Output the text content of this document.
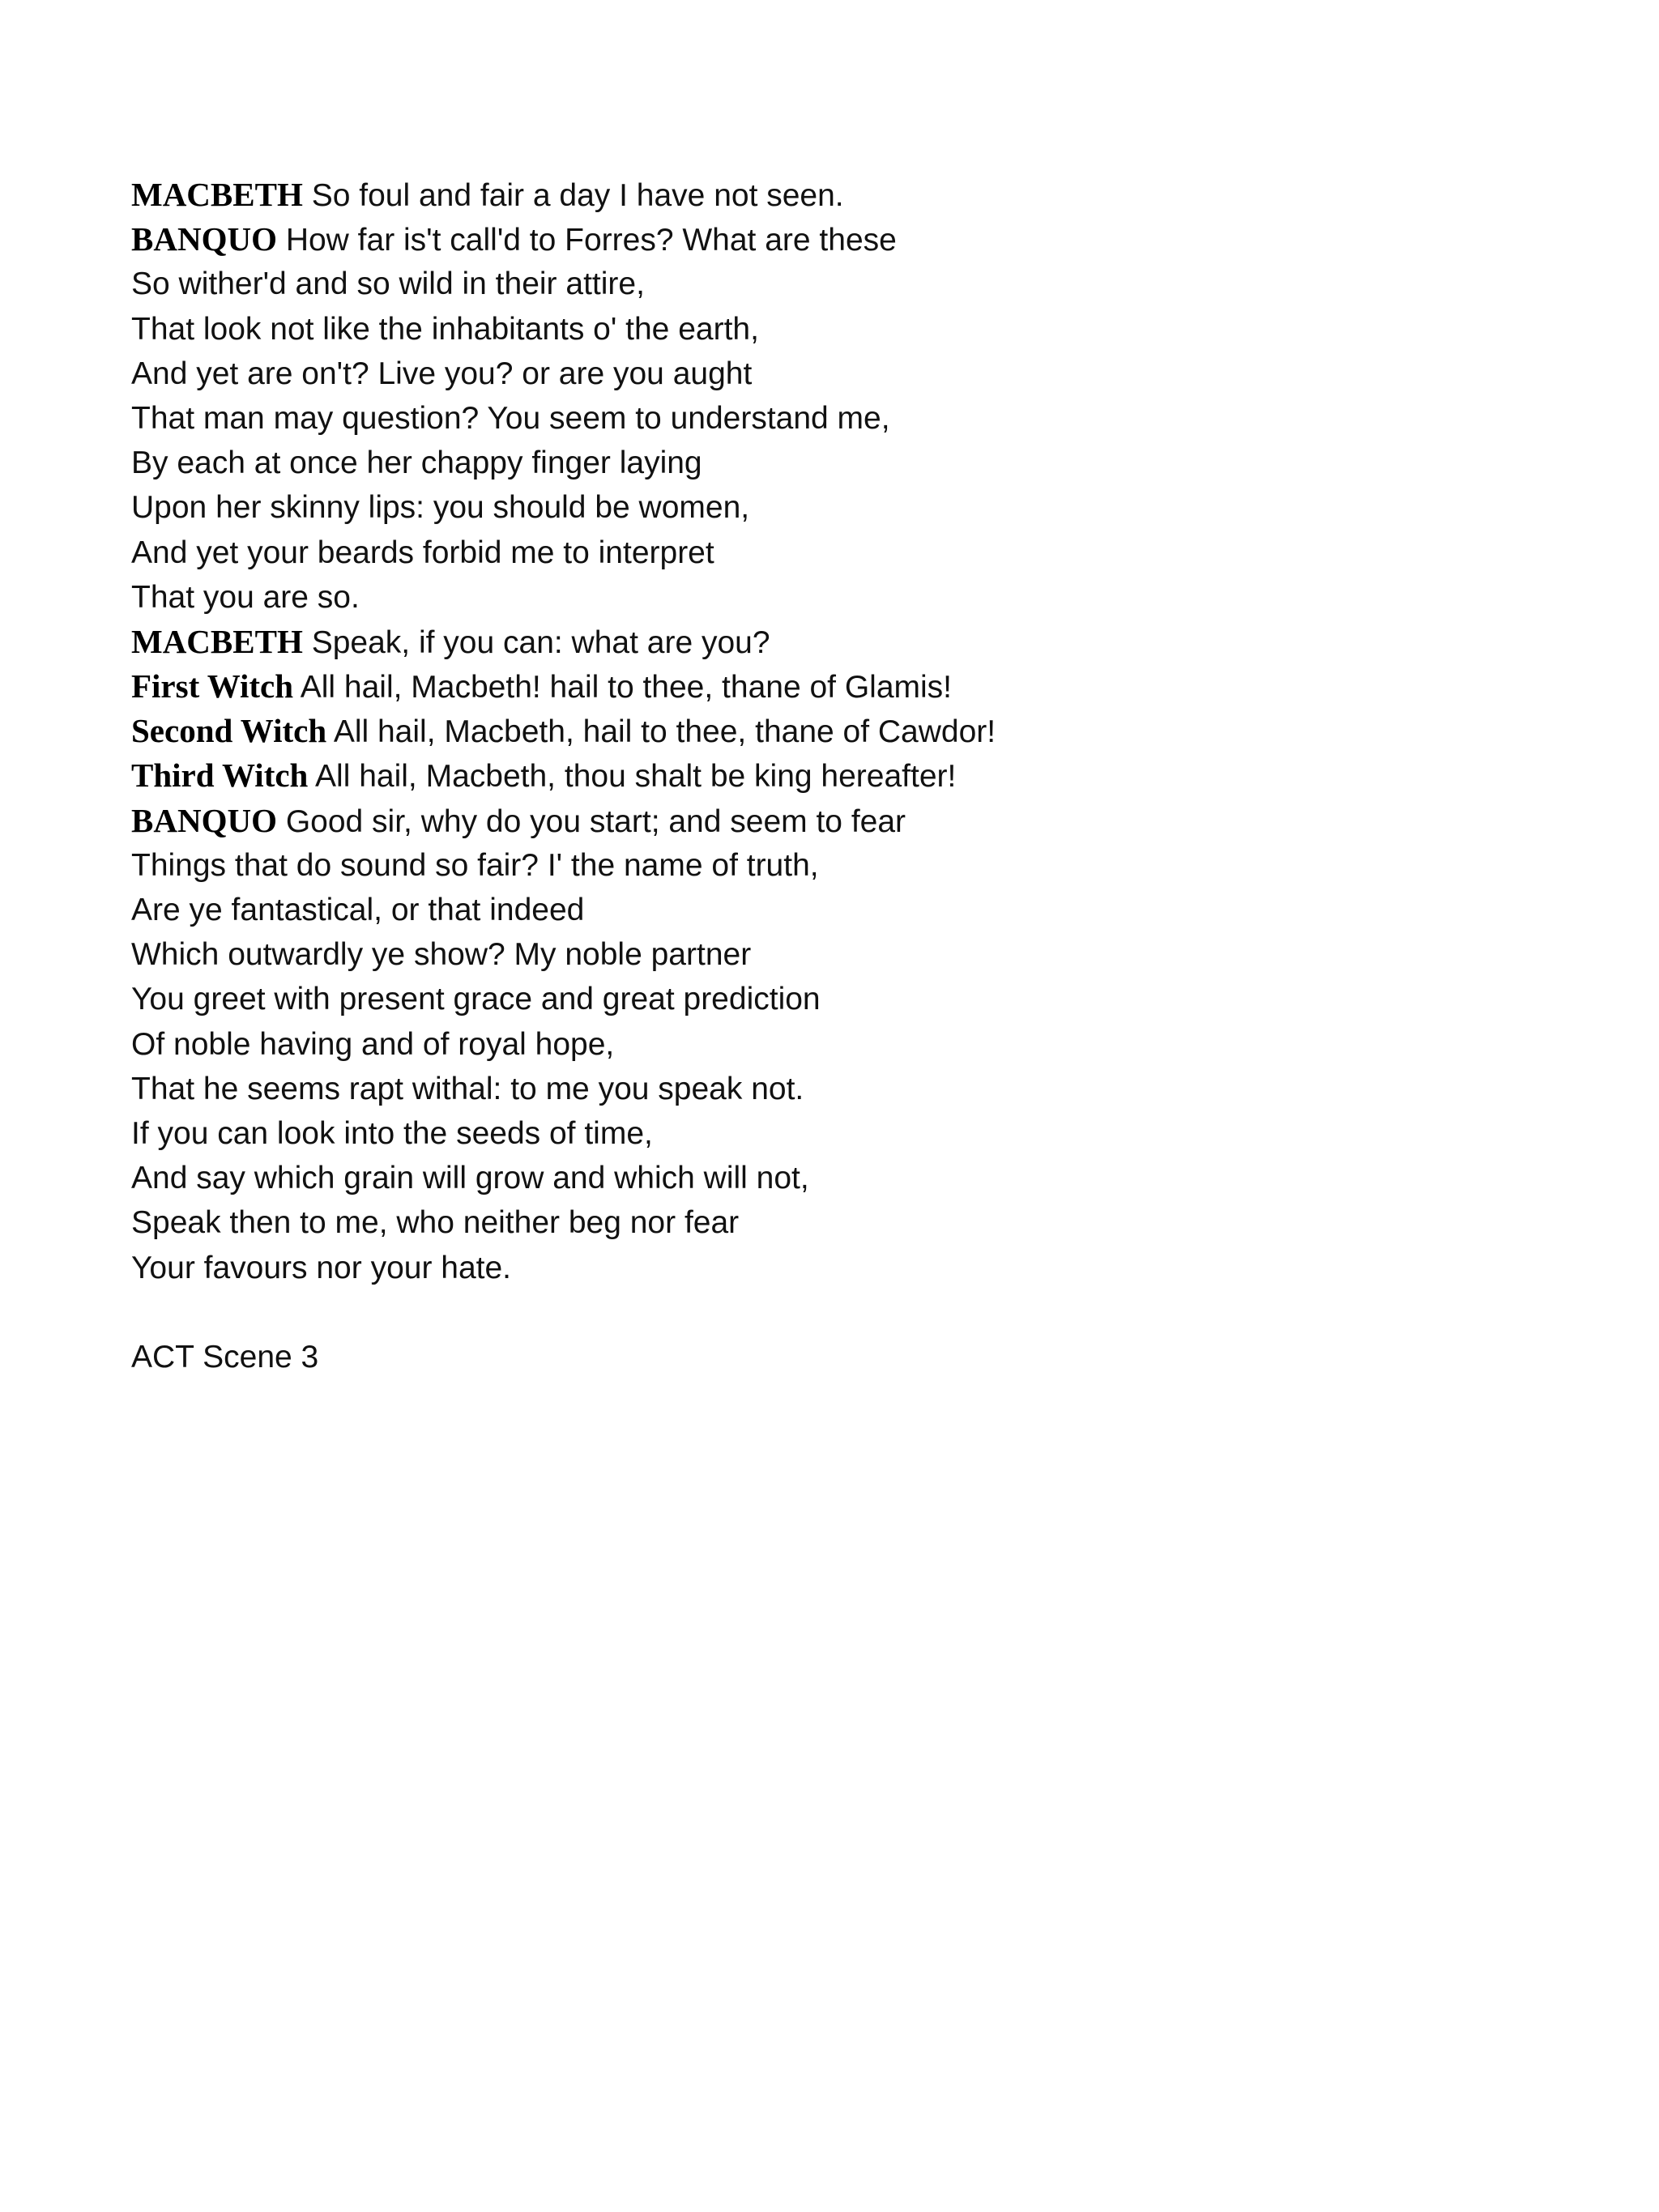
MACBETH So foul and fair a day I have not seen.
BANQUO How far is't call'd to Forres? What are these
So wither'd and so wild in their attire,
That look not like the inhabitants o' the earth,
And yet are on't? Live you? or are you aught
That man may question? You seem to understand me,
By each at once her chappy finger laying
Upon her skinny lips: you should be women,
And yet your beards forbid me to interpret
That you are so.
MACBETH Speak, if you can: what are you?
First Witch All hail, Macbeth! hail to thee, thane of Glamis!
Second Witch All hail, Macbeth, hail to thee, thane of Cawdor!
Third Witch All hail, Macbeth, thou shalt be king hereafter!
BANQUO Good sir, why do you start; and seem to fear
Things that do sound so fair? I' the name of truth,
Are ye fantastical, or that indeed
Which outwardly ye show? My noble partner
You greet with present grace and great prediction
Of noble having and of royal hope,
That he seems rapt withal: to me you speak not.
If you can look into the seeds of time,
And say which grain will grow and which will not,
Speak then to me, who neither beg nor fear
Your favours nor your hate.
ACT Scene 3
